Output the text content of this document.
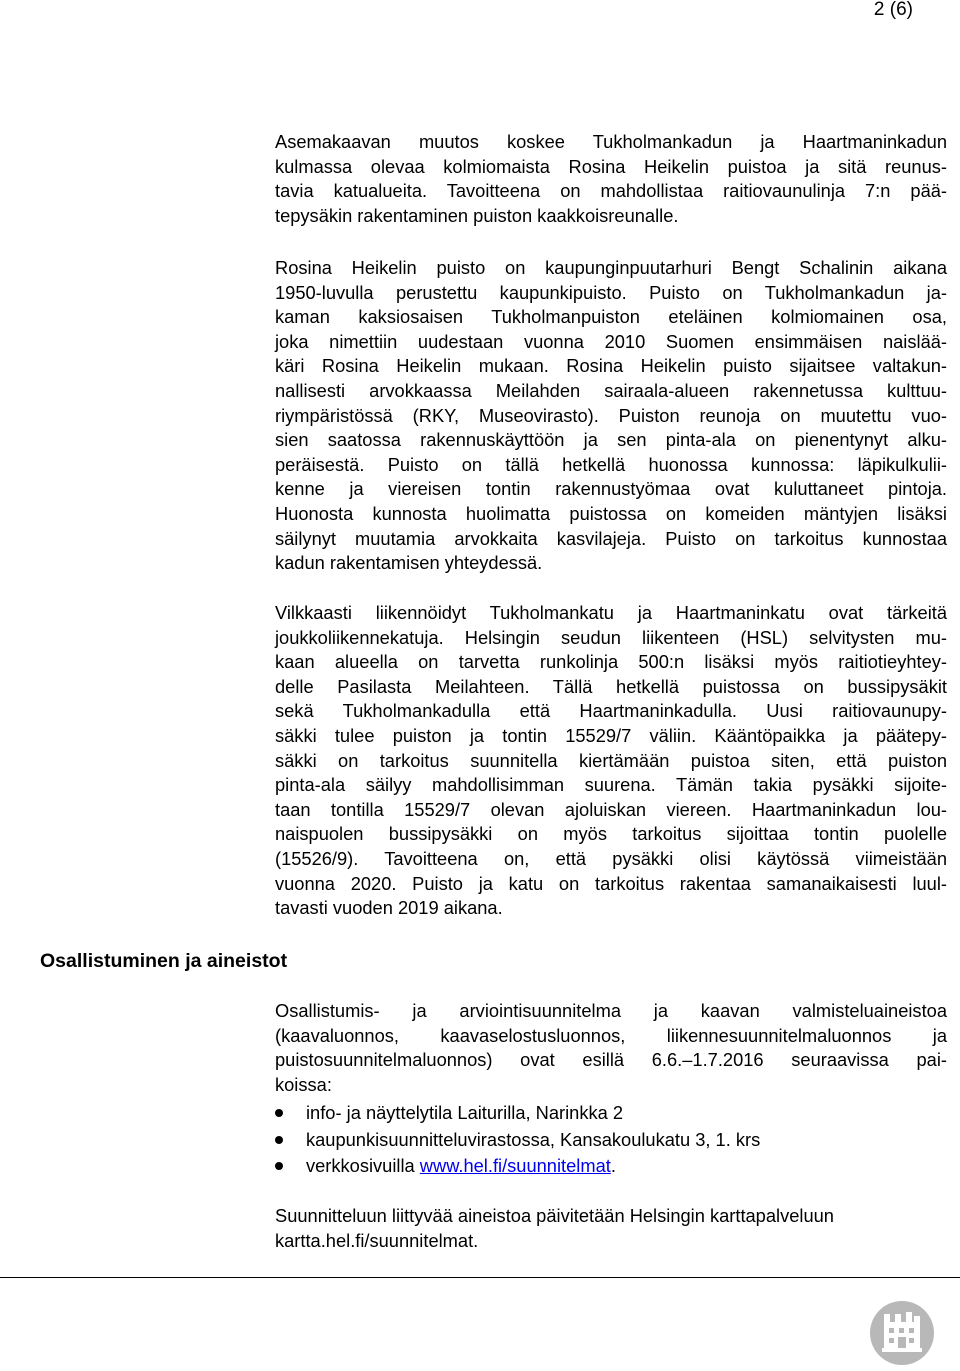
2 (6)
Asemakaavan muutos koskee Tukholmankadun ja Haartmaninkadun
kulmassa olevaa kolmiomaista Rosina Heikelin puistoa ja sitä reunus-
tavia katualueita. Tavoitteena on mahdollistaa raitiovaunulinja 7:n pää-
tepysäkin rakentaminen puiston kaakkoisreunalle.
Rosina Heikelin puisto on kaupunginpuutarhuri Bengt Schalinin aikana
1950-luvulla perustettu kaupunkipuisto. Puisto on Tukholmankadun ja-
kaman kaksiosaisen Tukholmanpuiston eteläinen kolmiomainen osa,
joka nimettiin uudestaan vuonna 2010 Suomen ensimmäisen naislää-
käri Rosina Heikelin mukaan. Rosina Heikelin puisto sijaitsee valtakun-
nallisesti arvokkaassa Meilahden sairaala-alueen rakennetussa kulttuu-
riympäristössä (RKY, Museovirasto). Puiston reunoja on muutettu vuo-
sien saatossa rakennuskäyttöön ja sen pinta-ala on pienentynyt alku-
peräisestä. Puisto on tällä hetkellä huonossa kunnossa: läpikulkulii-
kenne ja viereisen tontin rakennustyömaa ovat kuluttaneet pintoja.
Huonosta kunnosta huolimatta puistossa on komeiden mäntyjen lisäksi
säilynyt muutamia arvokkaita kasvilajeja. Puisto on tarkoitus kunnostaa
kadun rakentamisen yhteydessä.
Vilkkaasti liikennöidyt Tukholmankatu ja Haartmaninkatu ovat tärkeitä
joukkoliikennekatuja. Helsingin seudun liikenteen (HSL) selvitysten mu-
kaan alueella on tarvetta runkolinja 500:n lisäksi myös raitiotieyhtey-
delle Pasilasta Meilahteen. Tällä hetkellä puistossa on bussipysäkit
sekä Tukholmankadulla että Haartmaninkadulla. Uusi raitiovaunupy-
säkki tulee puiston ja tontin 15529/7 väliin. Kääntöpaikka ja päätepy-
säkki on tarkoitus suunnitella kiertämään puistoa siten, että puiston
pinta-ala säilyy mahdollisimman suurena. Tämän takia pysäkki sijoite-
taan tontilla 15529/7 olevan ajoluiskan viereen. Haartmaninkadun lou-
naispuolen bussipysäkki on myös tarkoitus sijoittaa tontin puolelle
(15526/9). Tavoitteena on, että pysäkki olisi käytössä viimeistään
vuonna 2020. Puisto ja katu on tarkoitus rakentaa samanaikaisesti luul-
tavasti vuoden 2019 aikana.
Osallistuminen ja aineistot
Osallistumis- ja arviointisuunnitelma ja kaavan valmisteluaineistoa
(kaavaluonnos, kaavaselostusluonnos, liikennesuunnitelmaluonnos ja
puistosuunnitelmaluonnos) ovat esillä 6.6.–1.7.2016 seuraavissa pai-
koissa:
info- ja näyttelytila Laiturilla, Narinkka 2
kaupunkisuunnitteluvirastossa, Kansakoulukatu 3, 1. krs
verkkosivuilla www.hel.fi/suunnitelmat.
Suunnitteluun liittyvää aineistoa päivitetään Helsingin karttapalveluun
kartta.hel.fi/suunnitelmat.
